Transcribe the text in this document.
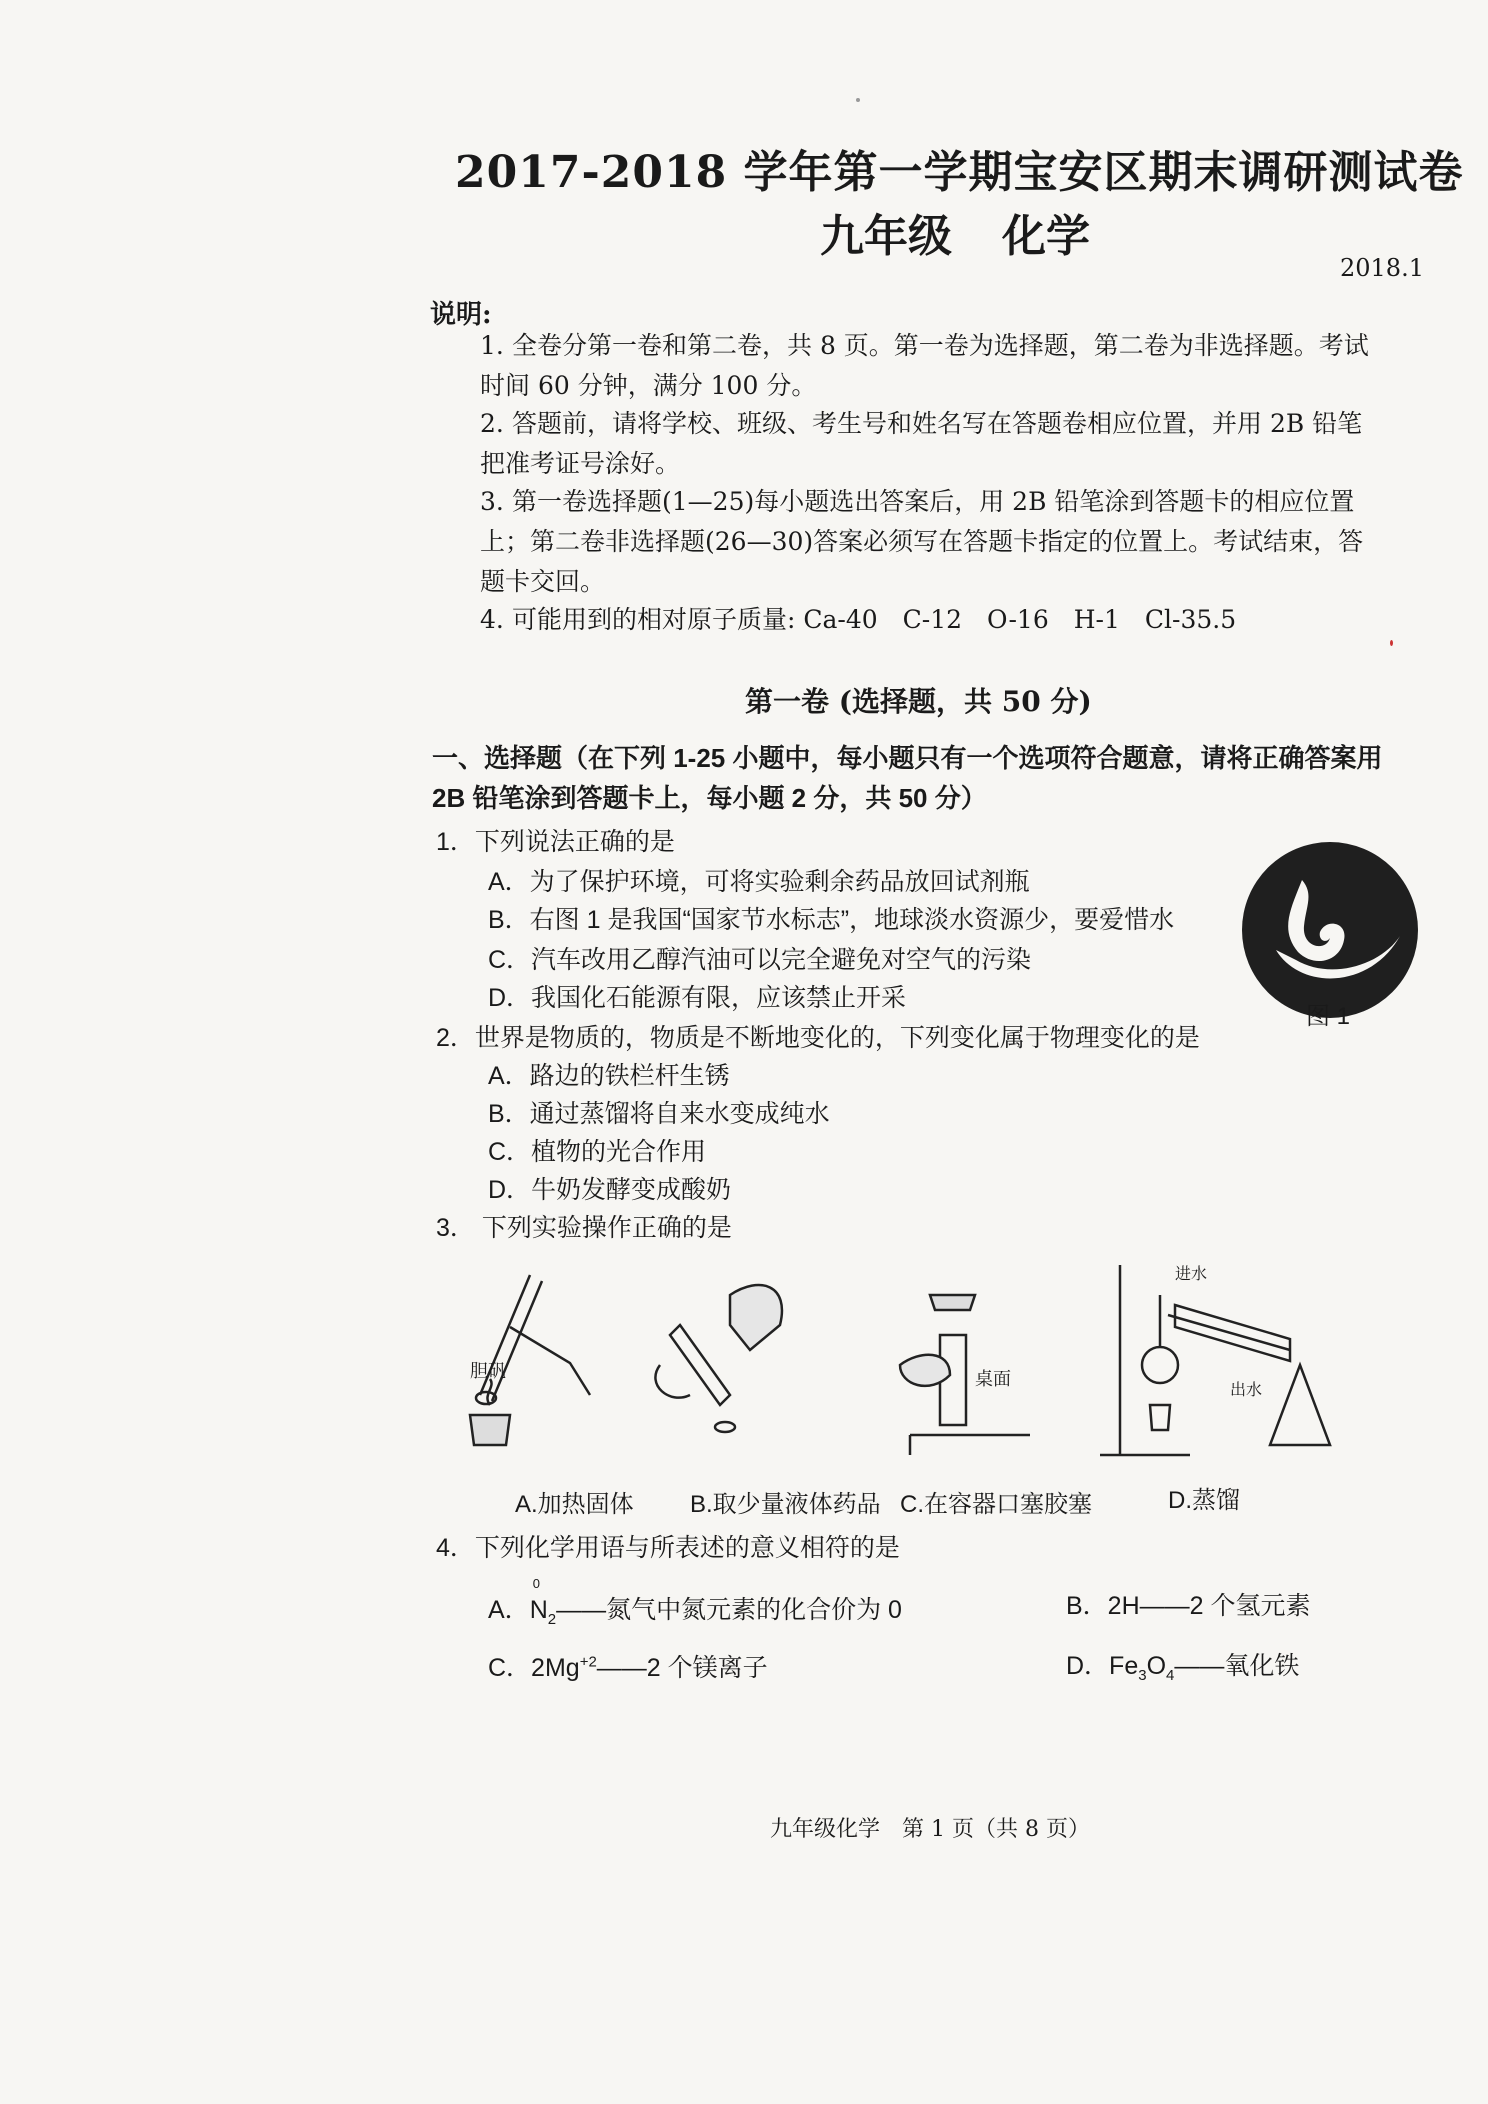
2017-2018 学年第一学期宝安区期末调研测试卷
九年级 化学
2018.1
说明:
1. 全卷分第一卷和第二卷，共 8 页。第一卷为选择题，第二卷为非选择题。考试时间 60 分钟，满分 100 分。
2. 答题前，请将学校、班级、考生号和姓名写在答题卷相应位置，并用 2B 铅笔把准考证号涂好。
3. 第一卷选择题(1—25)每小题选出答案后，用 2B 铅笔涂到答题卡的相应位置上；第二卷非选择题(26—30)答案必须写在答题卡指定的位置上。考试结束，答题卡交回。
4. 可能用到的相对原子质量: Ca-40　C-12　O-16　H-1　Cl-35.5
第一卷 (选择题，共 50 分)
一、选择题（在下列 1-25 小题中，每小题只有一个选项符合题意，请将正确答案用 2B 铅笔涂到答题卡上，每小题 2 分，共 50 分）
1．下列说法正确的是
A．为了保护环境，可将实验剩余药品放回试剂瓶
B．右图 1 是我国“国家节水标志”，地球淡水资源少，要爱惜水
C．汽车改用乙醇汽油可以完全避免对空气的污染
D．我国化石能源有限，应该禁止开采
图 1
2．世界是物质的，物质是不断地变化的，下列变化属于物理变化的是
A．路边的铁栏杆生锈
B．通过蒸馏将自来水变成纯水
C．植物的光合作用
D．牛奶发酵变成酸奶
3． 下列实验操作正确的是
胆矾	桌面
进水
出水
A.加热固体 B.取少量液体药品 C.在容器口塞胶塞	D.蒸馏
4．下列化学用语与所表述的意义相符的是
A．
0
$N_2——$氮气中氮元素的化合价为 0	B．2H——2 个氢元素
C．$2Mg^{+2}——2$ 个镁离子	D．$Fe_3O_4——$氧化铁
九年级化学　第 1 页（共 8 页）
